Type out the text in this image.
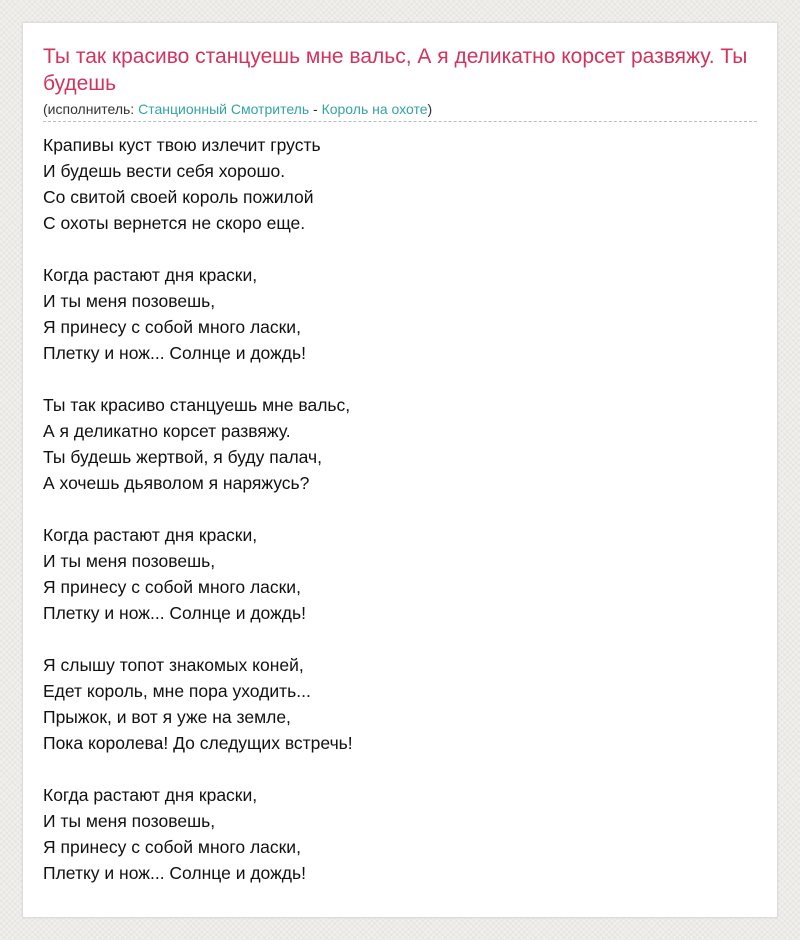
Ты так красиво станцуешь мне вальс, А я деликатно корсет развяжу. Ты будешь
(исполнитель: Станционный Смотритель - Король на охоте)
Крапивы куст твою излечит грусть
И будешь вести себя хорошо.
Со свитой своей король пожилой
С охоты вернется не скоро еще.
Когда растают дня краски,
И ты меня позовешь,
Я принесу с собой много ласки,
Плетку и нож... Солнце и дождь!
Ты так красиво станцуешь мне вальс,
А я деликатно корсет развяжу.
Ты будешь жертвой, я буду палач,
А хочешь дьяволом я наряжусь?
Когда растают дня краски,
И ты меня позовешь,
Я принесу с собой много ласки,
Плетку и нож... Солнце и дождь!
Я слышу топот знакомых коней,
Едет король, мне пора уходить...
Прыжок, и вот я уже на земле,
Пока королева! До следущих встречь!
Когда растают дня краски,
И ты меня позовешь,
Я принесу с собой много ласки,
Плетку и нож... Солнце и дождь!
